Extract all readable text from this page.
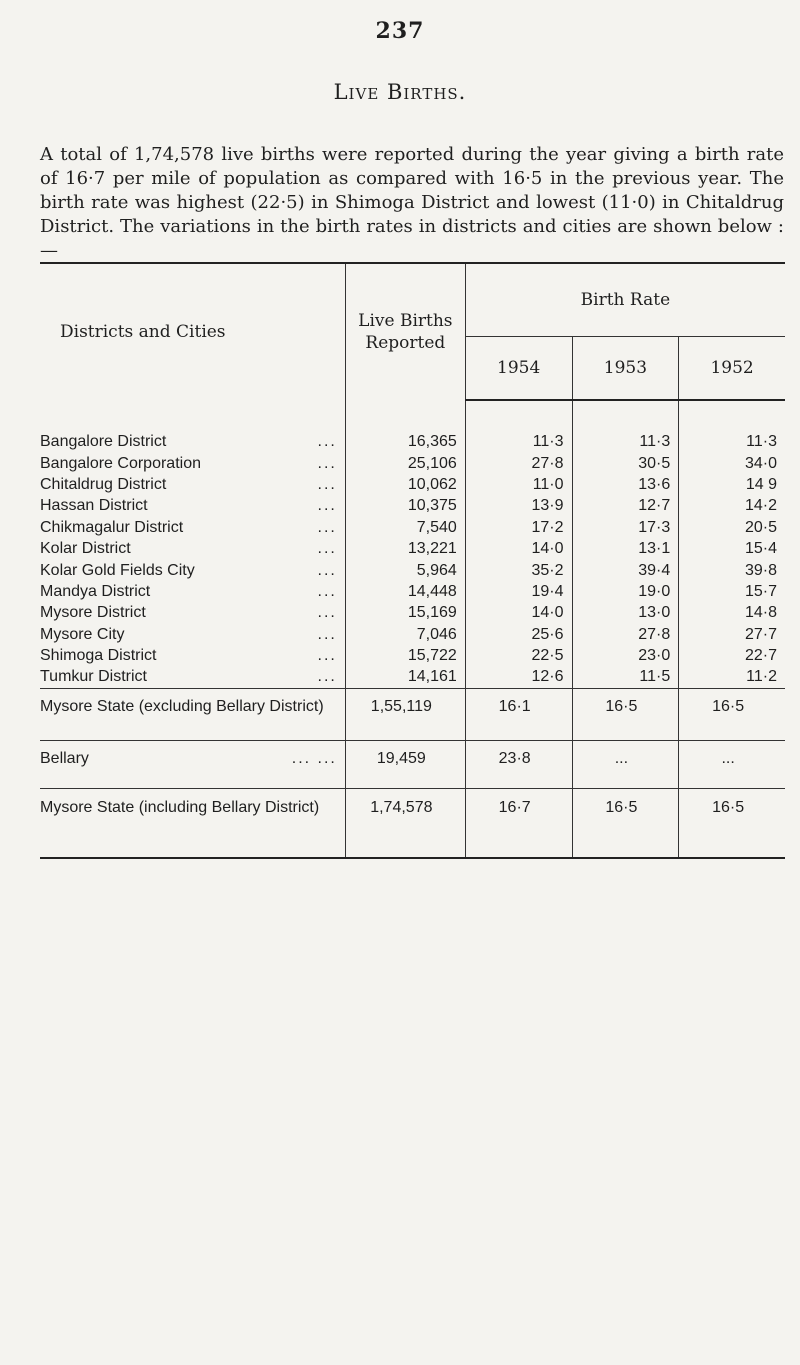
237
Live Births.

A total of 1,74,578 live births were reported during the year giving a birth rate of 16·7 per mile of population as compared with 16·5 in the previous year. The birth rate was highest (22·5) in Shimoga District and lowest (11·0) in Chitaldrug District. The variations in the birth rates in districts and cities are shown below :—

Districts and Cities	Live Births Reported	Birth Rate		
		1954	1953	1952
Bangalore District ...	16,365	11·3	11·3	11·3
Bangalore Corporation ...	25,106	27·8	30·5	34·0
Chitaldrug District ...	10,062	11·0	13·6	14 9
Hassan District ...	10,375	13·9	12·7	14·2
Chikmagalur District ...	7,540	17·2	17·3	20·5
Kolar District ...	13,221	14·0	13·1	15·4
Kolar Gold Fields City ...	5,964	35·2	39·4	39·8
Mandya District ...	14,448	19·4	19·0	15·7
Mysore District ...	15,169	14·0	13·0	14·8
Mysore City ...	7,046	25·6	27·8	27·7
Shimoga District ...	15,722	22·5	23·0	22·7
Tumkur District ...	14,161	12·6	11·5	11·2
Mysore State (excluding Bellary District)	1,55,119	16·1	16·5	16·5
Bellary ... ...	19,459	23·8	...	...
Mysore State (including Bellary District)	1,74,578	16·7	16·5	16·5
